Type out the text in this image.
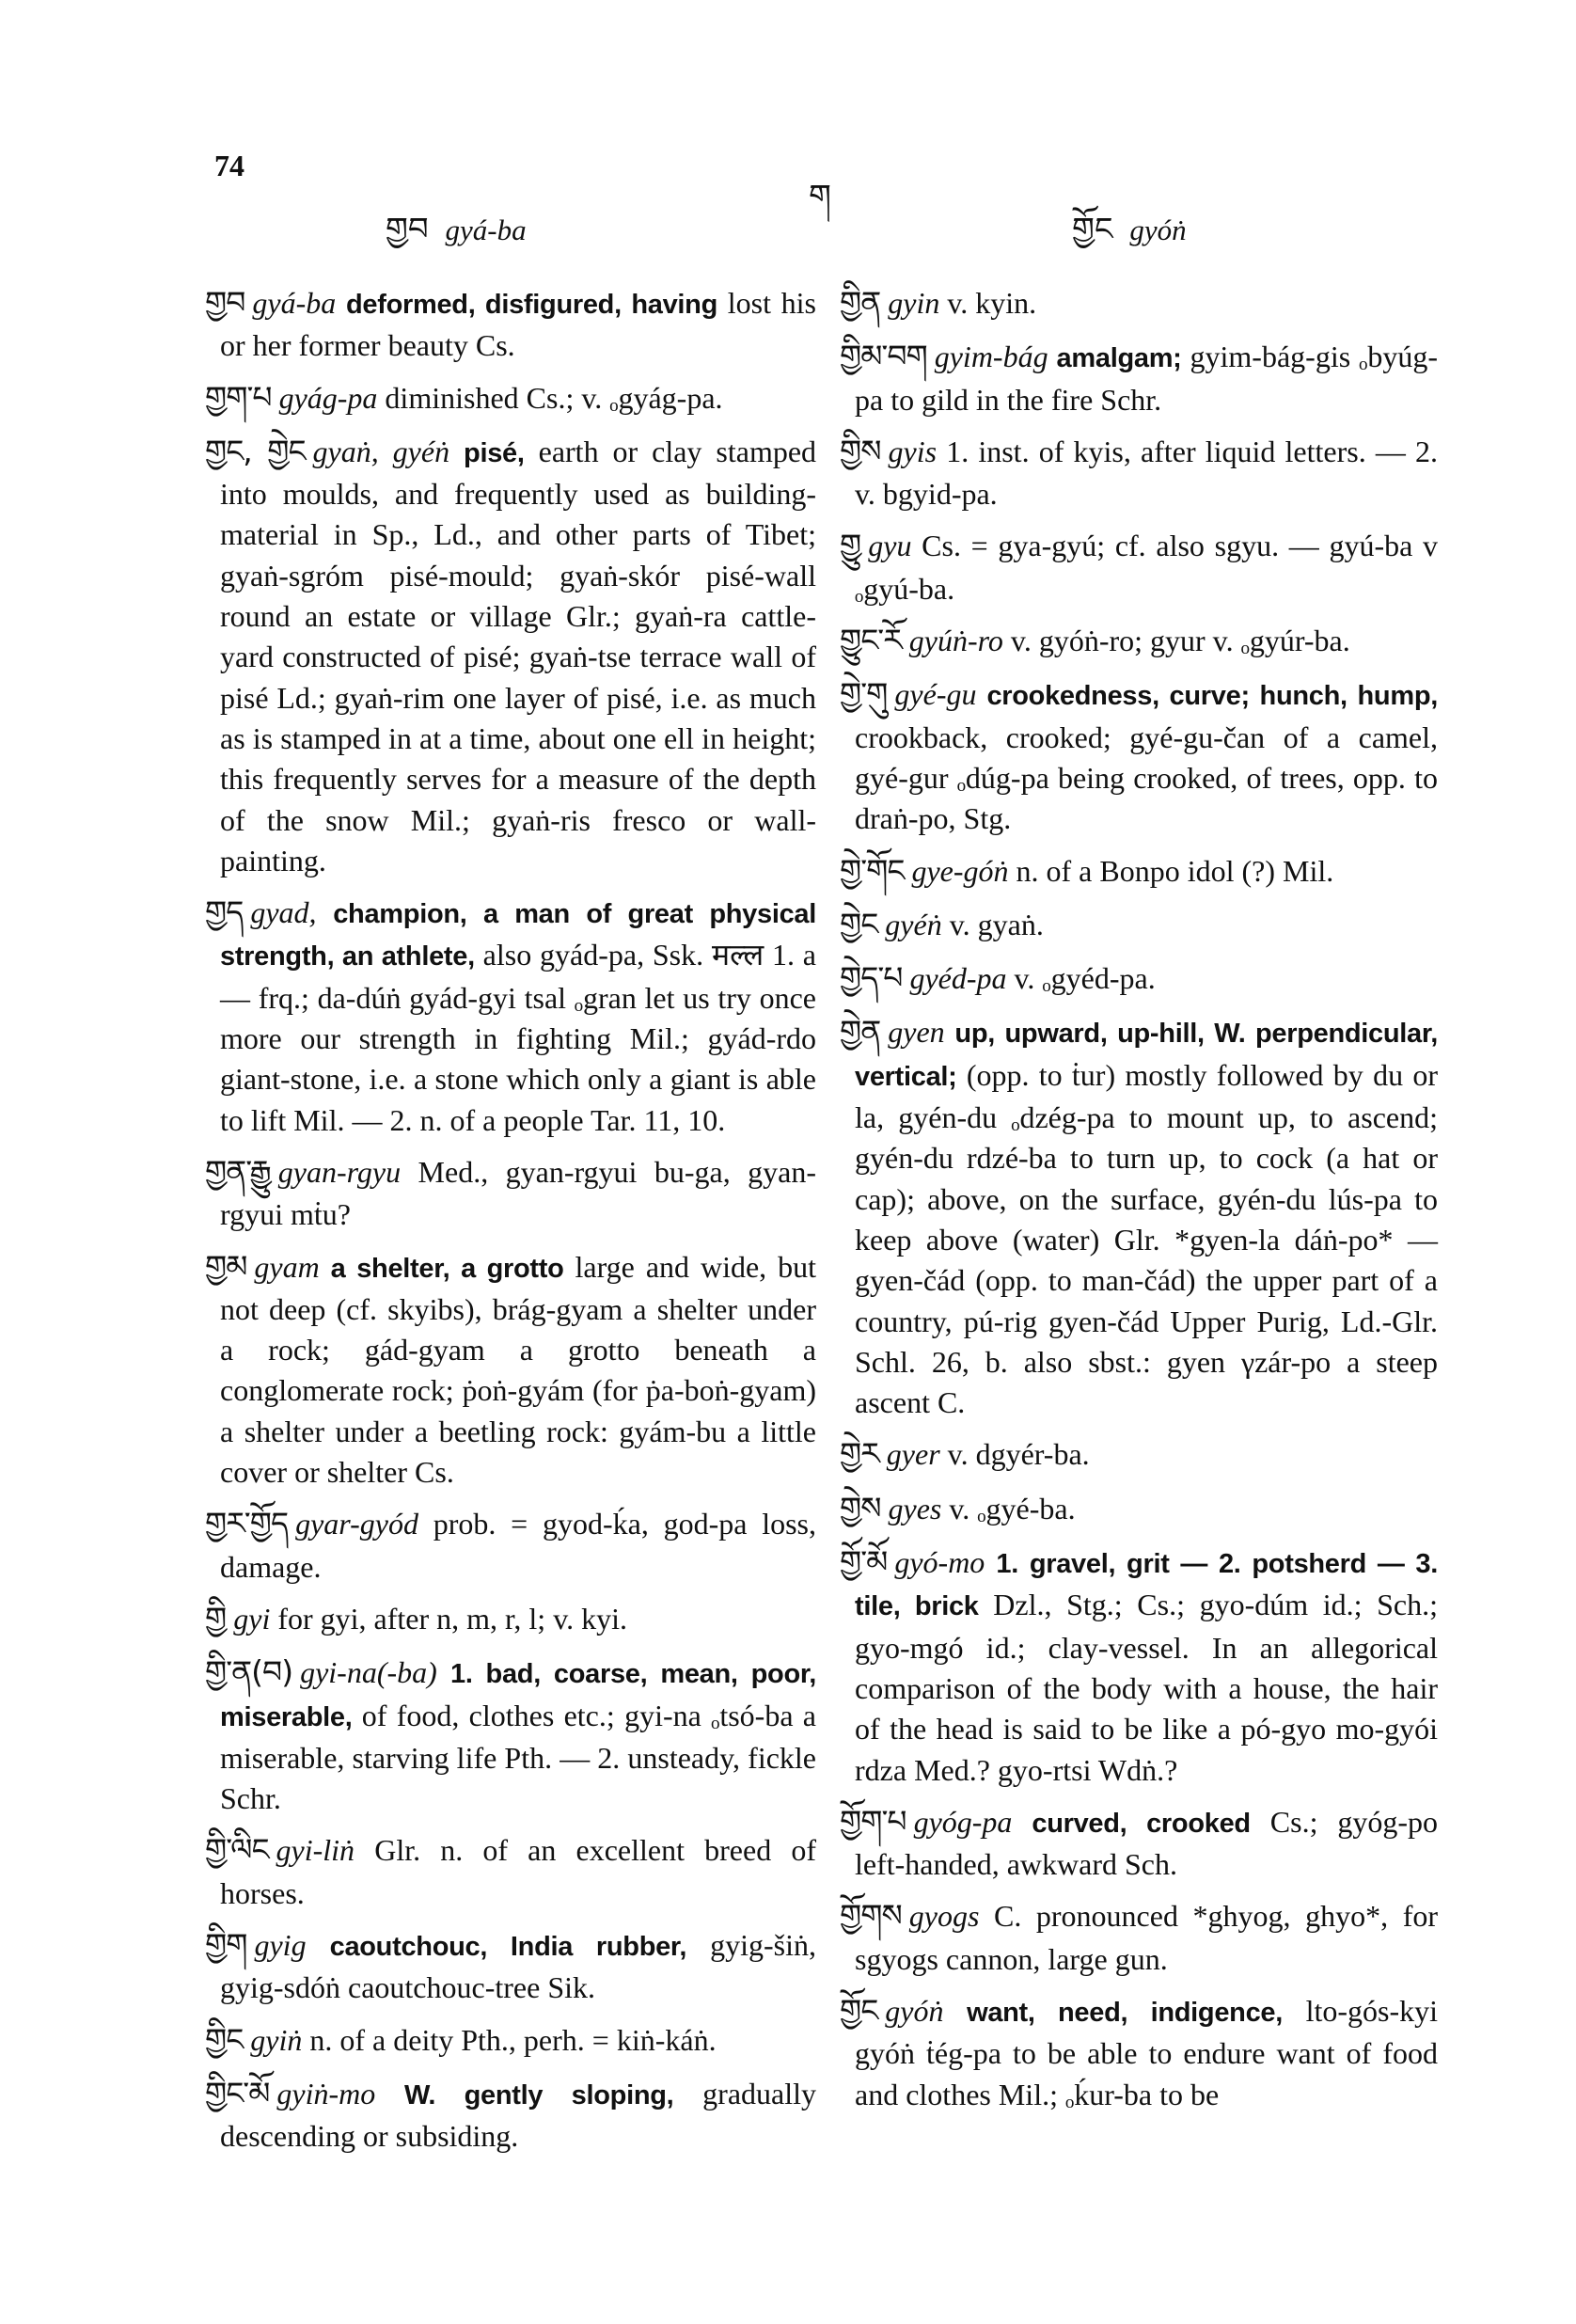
74
གྱབ gyá-ba
ག
གྱོང gyóṅ

གྱབ gyá-ba deformed, disfigured, having lost his or her former beauty Cs.

གྱག་པ gyág-pa diminished Cs.; v. ₒgyág-pa.

གྱང, གྱེང gyaṅ, gyéṅ pisé, earth or clay stamped into moulds, and frequently used as building-material in Sp., Ld., and other parts of Tibet; gyaṅ-sgróm pisé-mould; gyaṅ-skór pisé-wall round an estate or village Glr.; gyaṅ-ra cattle-yard constructed of pisé; gyaṅ-tse terrace wall of pisé Ld.; gyaṅ-rim one layer of pisé, i.e. as much as is stamped in at a time, about one ell in height; this frequently serves for a measure of the depth of the snow Mil.; gyaṅ-ris fresco or wall-painting.

གྱད gyad, champion, a man of great physical strength, an athlete, also gyád-pa, Ssk. मल्ल 1. a — frq.; da-dúṅ gyád-gyi tsal ₒgran let us try once more our strength in fighting Mil.; gyád-rdo giant-stone, i.e. a stone which only a giant is able to lift Mil. — 2. n. of a people Tar. 11, 10.

གྱན་རྒྱུ gyan-rgyu Med., gyan-rgyui bu-ga, gyan-rgyui mṫu?

གྱམ gyam a shelter, a grotto large and wide, but not deep (cf. skyibs), brág-gyam a shelter under a rock; gád-gyam a grotto beneath a conglomerate rock; ṗoṅ-gyám (for ṗa-boṅ-gyam) a shelter under a beetling rock: gyám-bu a little cover or shelter Cs.

གྱར་གྱོད gyar-gyód prob. = gyod-ḱa, god-pa loss, damage.

གྱི gyi for gyi, after n, m, r, l; v. kyi.

གྱི་ན(བ) gyi-na(-ba) 1. bad, coarse, mean, poor, miserable, of food, clothes etc.; gyi-na ₒtsó-ba a miserable, starving life Pth. — 2. unsteady, fickle Schr.

གྱི་ལིང gyi-liṅ Glr. n. of an excellent breed of horses.

གྱིག gyig caoutchouc, India rubber, gyig-šiṅ, gyig-sdóṅ caoutchouc-tree Sik.

གྱིང gyiṅ n. of a deity Pth., perh. = kiṅ-káṅ.

གྱིང་མོ gyiṅ-mo W. gently sloping, gradually descending or subsiding.

གྱིན gyin v. kyin.

གྱིམ་བག gyim-bág amalgam; gyim-bág-gis ₒbyúg-pa to gild in the fire Schr.

གྱིས gyis 1. inst. of kyis, after liquid letters. — 2. v. bgyid-pa.

གྱུ gyu Cs. = gya-gyú; cf. also sgyu. — gyú-ba v ₒgyú-ba.

གྱུང་རོ gyúṅ-ro v. gyóṅ-ro; gyur v. ₒgyúr-ba.

གྱེ་གུ gyé-gu crookedness, curve; hunch, hump, crookback, crooked; gyé-gu-čan of a camel, gyé-gur ₒdúg-pa being crooked, of trees, opp. to draṅ-po, Stg.

གྱེ་གོང gye-góṅ n. of a Bonpo idol (?) Mil.

གྱེང gyéṅ v. gyaṅ.

གྱེད་པ gyéd-pa v. ₒgyéd-pa.

གྱེན gyen up, upward, up-hill, W. perpendicular, vertical; (opp. to ṫur) mostly followed by du or la, gyén-du ₒdzég-pa to mount up, to ascend; gyén-du rdzé-ba to turn up, to cock (a hat or cap); above, on the surface, gyén-du lús-pa to keep above (water) Glr. *gyen-la dáṅ-po* — gyen-čád (opp. to man-čád) the upper part of a country, pú-rig gyen-čád Upper Purig, Ld.-Glr. Schl. 26, b. also sbst.: gyen γzár-po a steep ascent C.

གྱེར gyer v. dgyér-ba.

གྱེས gyes v. ₒgyé-ba.

གྱོ་མོ gyó-mo 1. gravel, grit — 2. potsherd — 3. tile, brick Dzl., Stg.; Cs.; gyo-dúm id.; Sch.; gyo-mgó id.; clay-vessel. In an allegorical comparison of the body with a house, the hair of the head is said to be like a pó-gyo mo-gyói rdza Med.? gyo-rtsi Wdṅ.?

གྱོག་པ gyóg-pa curved, crooked Cs.; gyóg-po left-handed, awkward Sch.

གྱོགས gyogs C. pronounced *ghyog, ghyo*, for sgyogs cannon, large gun.

གྱོང gyóṅ want, need, indigence, lto-gós-kyi gyóṅ ṫég-pa to be able to endure want of food and clothes Mil.; ₒḱur-ba to be
